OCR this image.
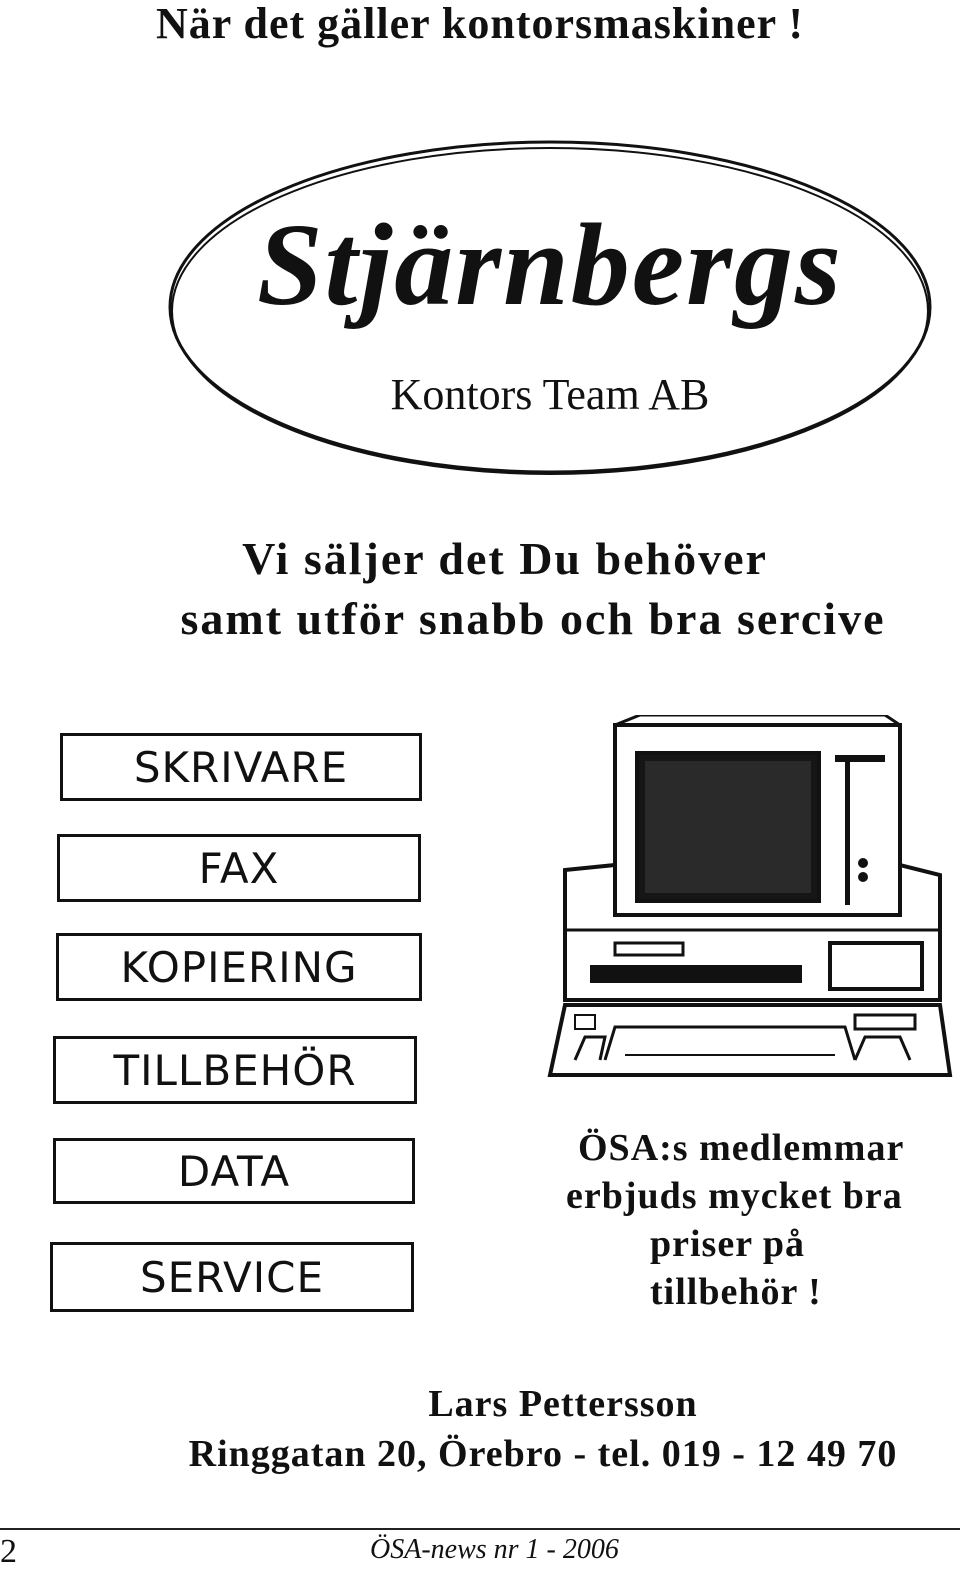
När det gäller kontorsmaskiner !
Stjärnbergs
Kontors Team AB
Vi säljer det Du behöver
samt utför snabb och bra sercive
SKRIVARE
FAX
KOPIERING
TILLBEHÖR
DATA
SERVICE
ÖSA:s medlemmar
erbjuds mycket bra
priser på
tillbehör !
Lars Pettersson
Ringgatan 20, Örebro - tel. 019 - 12 49 70
2	ÖSA-news nr 1 - 2006
